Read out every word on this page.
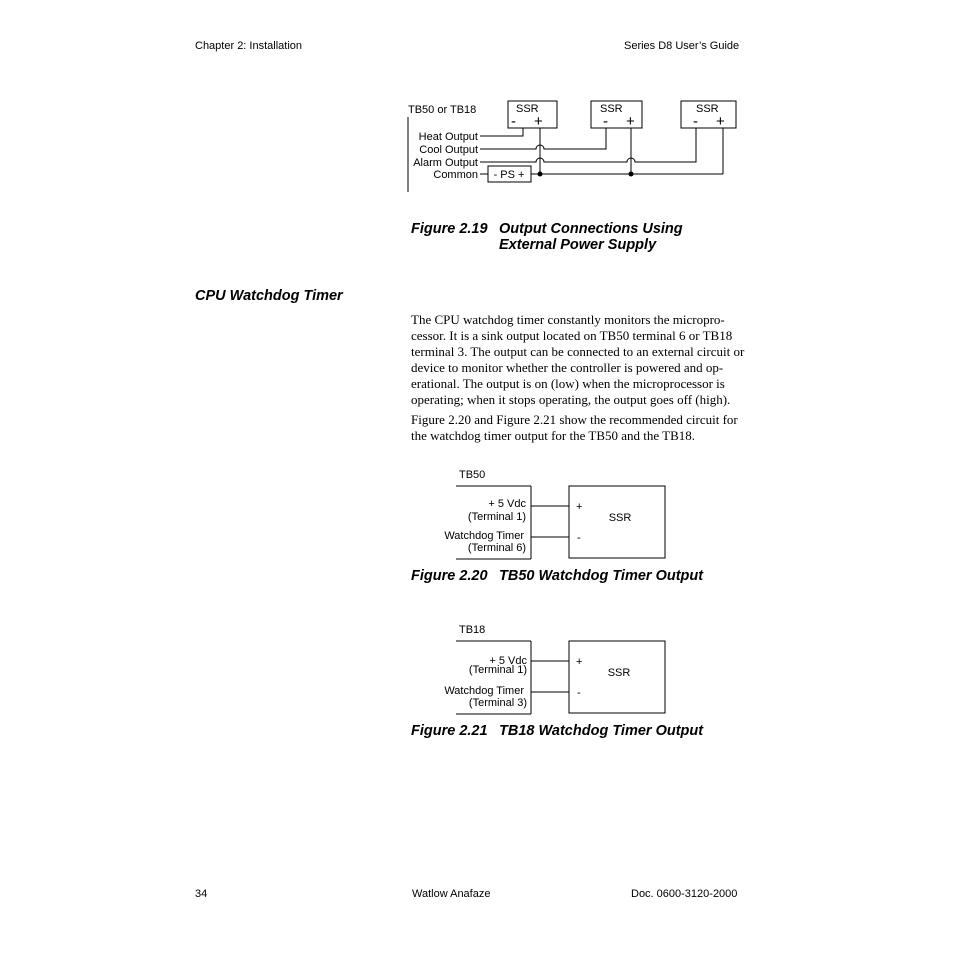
Chapter 2: Installation	Series D8 User’s Guide
TB50 or TB18	SSR	SSR	SSR
- +	- +	- +
Heat Output
Cool Output
Alarm Output
Common - PS +
Figure 2.19 Output Connections Using
External Power Supply
CPU Watchdog Timer

The CPU watchdog timer constantly monitors the micropro-cessor. It is a sink output located on TB50 terminal 6 or TB18 terminal 3. The output can be connected to an external circuit or device to monitor whether the controller is powered and op-erational. The output is on (low) when the microprocessor is operating; when it stops operating, the output goes off (high).

Figure 2.20 and Figure 2.21 show the recommended circuit for the watchdog timer output for the TB50 and the TB18.

TB50
+ 5 Vdc
(Terminal 1)
Watchdog Timer
(Terminal 6)
+
-
SSR
Figure 2.20 TB50 Watchdog Timer Output
TB18
+ 5 Vdc
(Terminal 1)
Watchdog Timer
(Terminal 3)
+
-
SSR
Figure 2.21 TB18 Watchdog Timer Output
34	Watlow Anafaze	Doc. 0600-3120-2000
